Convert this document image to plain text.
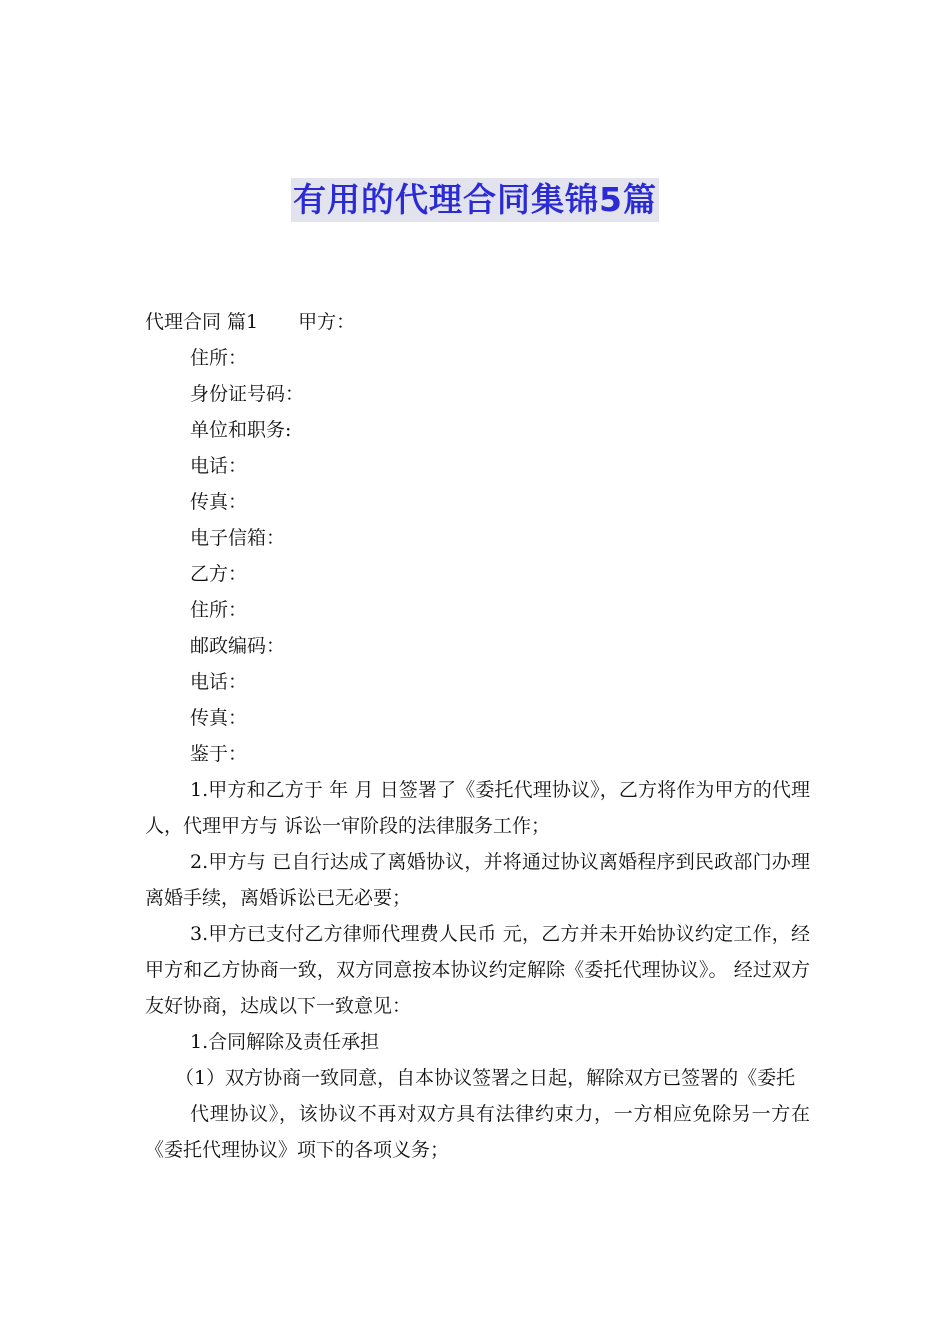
有用的代理合同集锦5篇
代理合同 篇1 甲方：
住所：
身份证号码：
单位和职务:
电话：
传真：
电子信箱：
乙方：
住所：
邮政编码：
电话：
传真：
鉴于：

1.甲方和乙方于 年 月 日签署了《委托代理协议》，乙方将作为甲方的代理人，代理甲方与 诉讼一审阶段的法律服务工作；

2.甲方与 已自行达成了离婚协议，并将通过协议离婚程序到民政部门办理离婚手续，离婚诉讼已无必要；

3.甲方已支付乙方律师代理费人民币 元，乙方并未开始协议约定工作，经甲方和乙方协商一致，双方同意按本协议约定解除《委托代理协议》。 经过双方友好协商，达成以下一致意见：

1.合同解除及责任承担

（1）双方协商一致同意，自本协议签署之日起，解除双方已签署的《委托

代理协议》，该协议不再对双方具有法律约束力，一方相应免除另一方在《委托代理协议》项下的各项义务；
